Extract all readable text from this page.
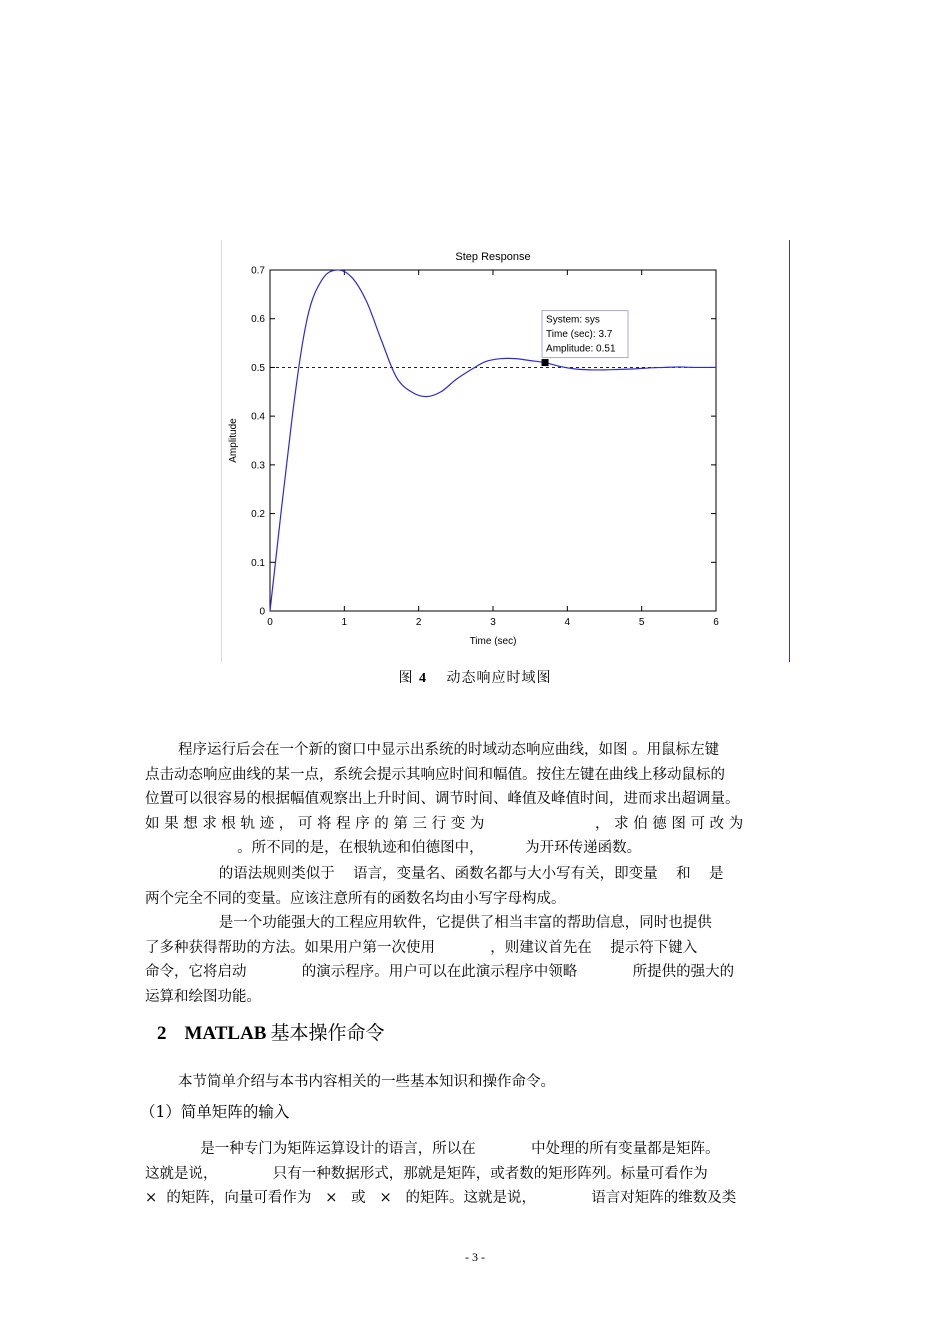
Step Response
0	1	2	3	4	5	6
0
0.1
0.2
0.3
0.4
0.5
0.6
0.7
Time (sec)
Amplitude
System: sys
Time (sec): 3.7
Amplitude: 0.51
图 4 动态响应时域图
程序运行后会在一个新的窗口中显示出系统的时域动态响应曲线，如图 。用鼠标左键
点击动态响应曲线的某一点，系统会提示其响应时间和幅值。按住左键在曲线上移动鼠标的
位置可以很容易的根据幅值观察出上升时间、调节时间、峰值及峰值时间，进而求出超调量。
如 果 想 求 根 轨 迹 ， 可 将 程 序 的 第 三 行 变 为                        ， 求 伯 德 图 可 改 为
。所不同的是，在根轨迹和伯德图中，         为开环传递函数。
的语法规则类似于    语言，变量名、函数名都与大小写有关，即变量    和    是
两个完全不同的变量。应该注意所有的函数名均由小写字母构成。
是一个功能强大的工程应用软件，它提供了相当丰富的帮助信息，同时也提供
了多种获得帮助的方法。如果用户第一次使用            ，则建议首先在    提示符下键入
命令，它将启动            的演示程序。用户可以在此演示程序中领略            所提供的强大的
运算和绘图功能。
2 MATLAB 基本操作命令
本节简单介绍与本书内容相关的一些基本知识和操作命令。
（1）简单矩阵的输入
是一种专门为矩阵运算设计的语言，所以在            中处理的所有变量都是矩阵。
这就是说，            只有一种数据形式，那就是矩阵，或者数的矩形阵列。标量可看作为
×  的矩阵，向量可看作为   ×   或   ×   的矩阵。这就是说，            语言对矩阵的维数及类
- 3 -
